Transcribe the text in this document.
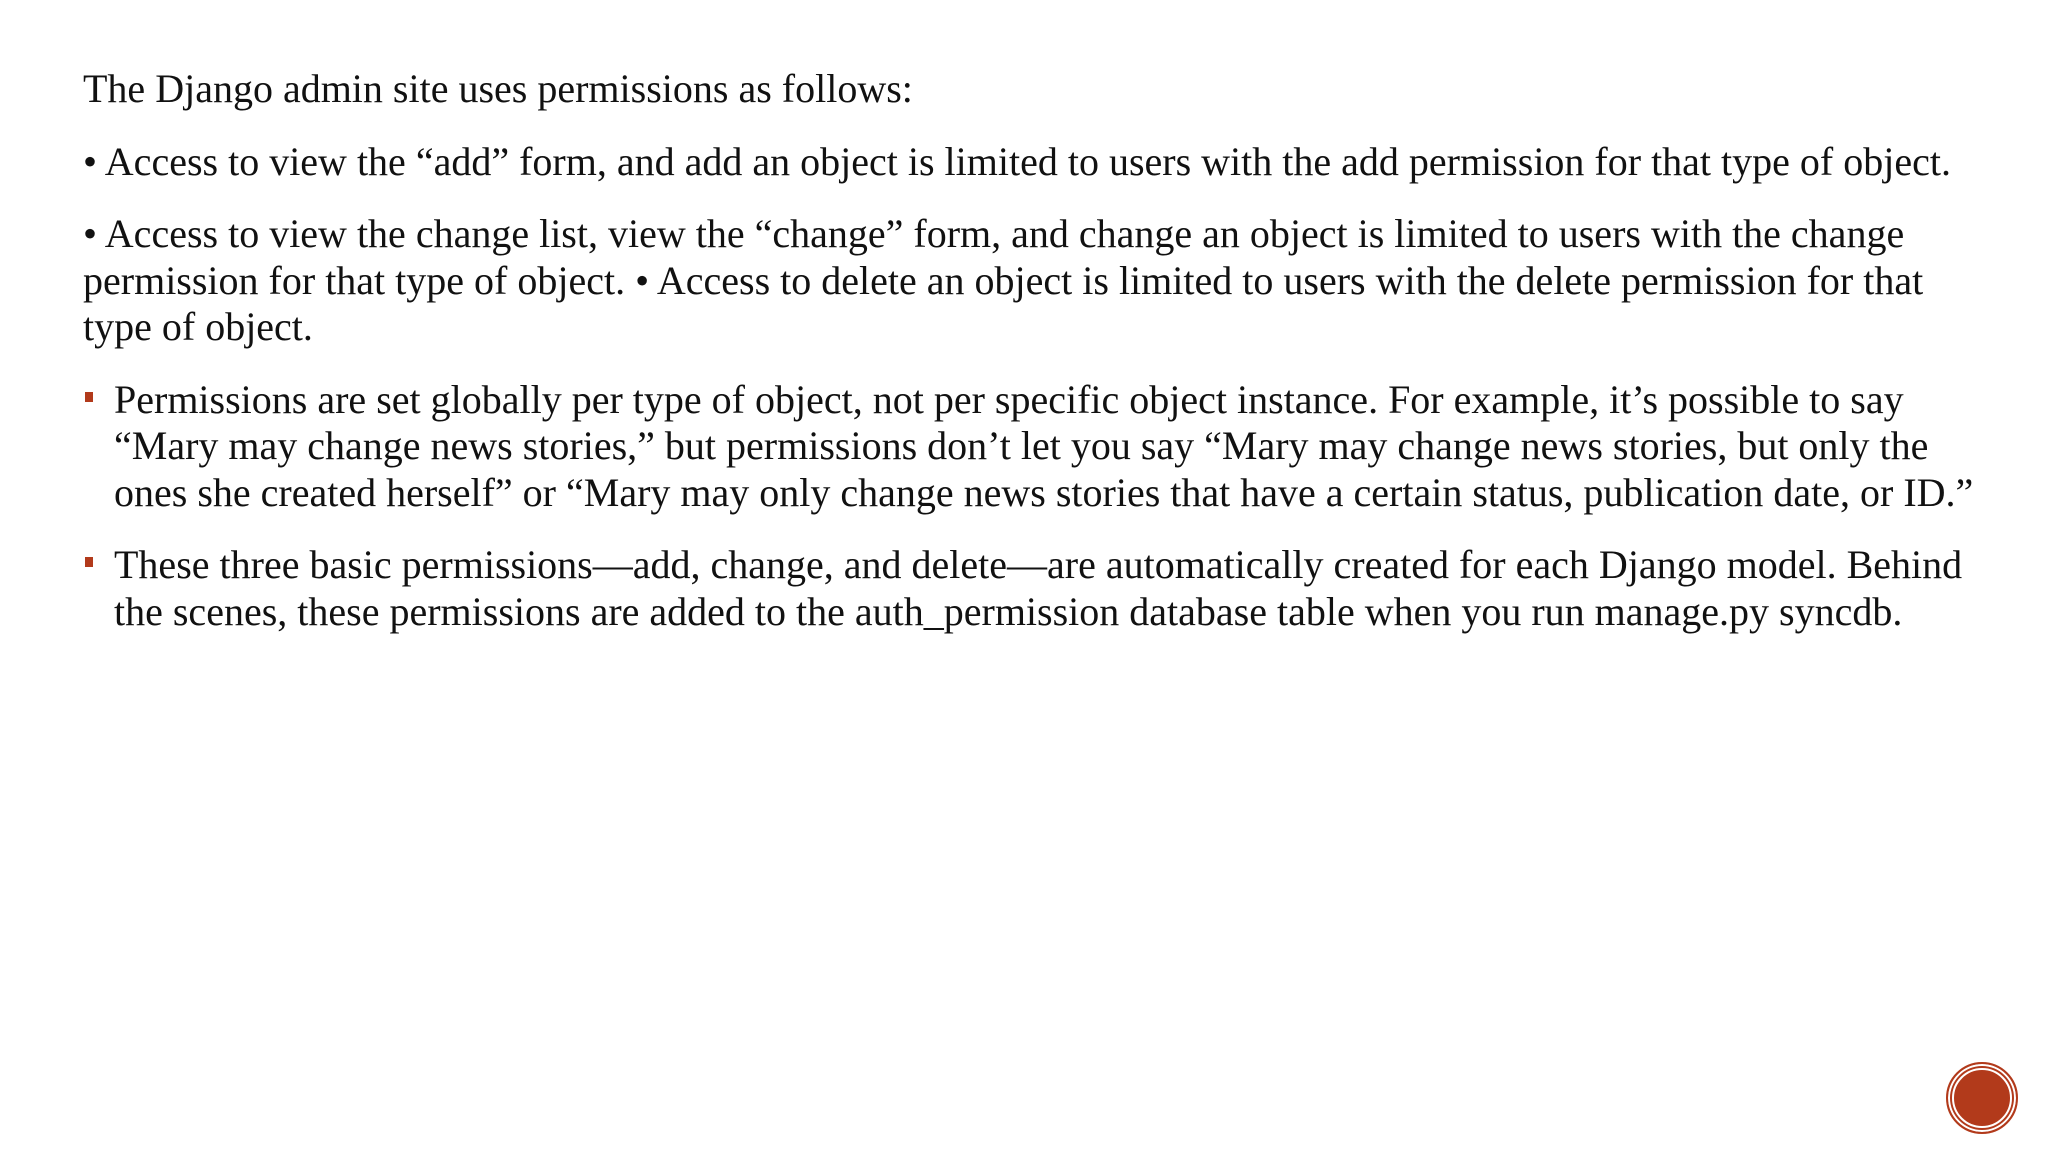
The Django admin site uses permissions as follows:

• Access to view the “add” form, and add an object is limited to users with the add permission for that type of object.

• Access to view the change list, view the “change” form, and change an object is limited to users with the change permission for that type of object. • Access to delete an object is limited to users with the delete permission for that type of object.

Permissions are set globally per type of object, not per specific object instance. For example, it’s possible to say “Mary may change news stories,” but permissions don’t let you say “Mary may change news stories, but only the ones she created herself” or “Mary may only change news stories that have a certain status, publication date, or ID.”
These three basic permissions—add, change, and delete—are automatically created for each Django model. Behind the scenes, these permissions are added to the auth_permission database table when you run manage.py syncdb.
